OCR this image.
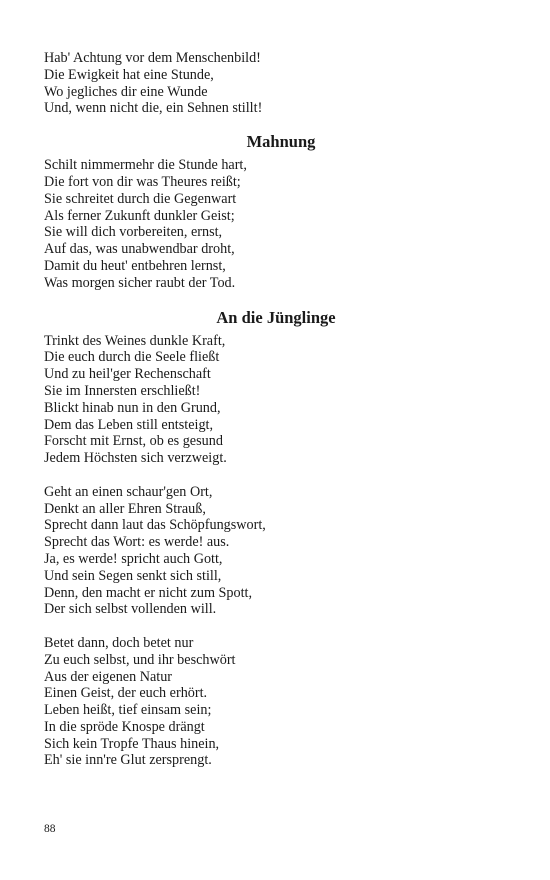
Hab' Achtung vor dem Menschenbild!
Die Ewigkeit hat eine Stunde,
Wo jegliches dir eine Wunde
Und, wenn nicht die, ein Sehnen stillt!
Mahnung
Schilt nimmermehr die Stunde hart,
Die fort von dir was Theures reißt;
Sie schreitet durch die Gegenwart
Als ferner Zukunft dunkler Geist;
Sie will dich vorbereiten, ernst,
Auf das, was unabwendbar droht,
Damit du heut' entbehren lernst,
Was morgen sicher raubt der Tod.
An die Jünglinge
Trinkt des Weines dunkle Kraft,
Die euch durch die Seele fließt
Und zu heil'ger Rechenschaft
Sie im Innersten erschließt!
Blickt hinab nun in den Grund,
Dem das Leben still entsteigt,
Forscht mit Ernst, ob es gesund
Jedem Höchsten sich verzweigt.
Geht an einen schaur'gen Ort,
Denkt an aller Ehren Strauß,
Sprecht dann laut das Schöpfungswort,
Sprecht das Wort: es werde! aus.
Ja, es werde! spricht auch Gott,
Und sein Segen senkt sich still,
Denn, den macht er nicht zum Spott,
Der sich selbst vollenden will.
Betet dann, doch betet nur
Zu euch selbst, und ihr beschwört
Aus der eigenen Natur
Einen Geist, der euch erhört.
Leben heißt, tief einsam sein;
In die spröde Knospe drängt
Sich kein Tropfe Thaus hinein,
Eh' sie inn're Glut zersprengt.
88
